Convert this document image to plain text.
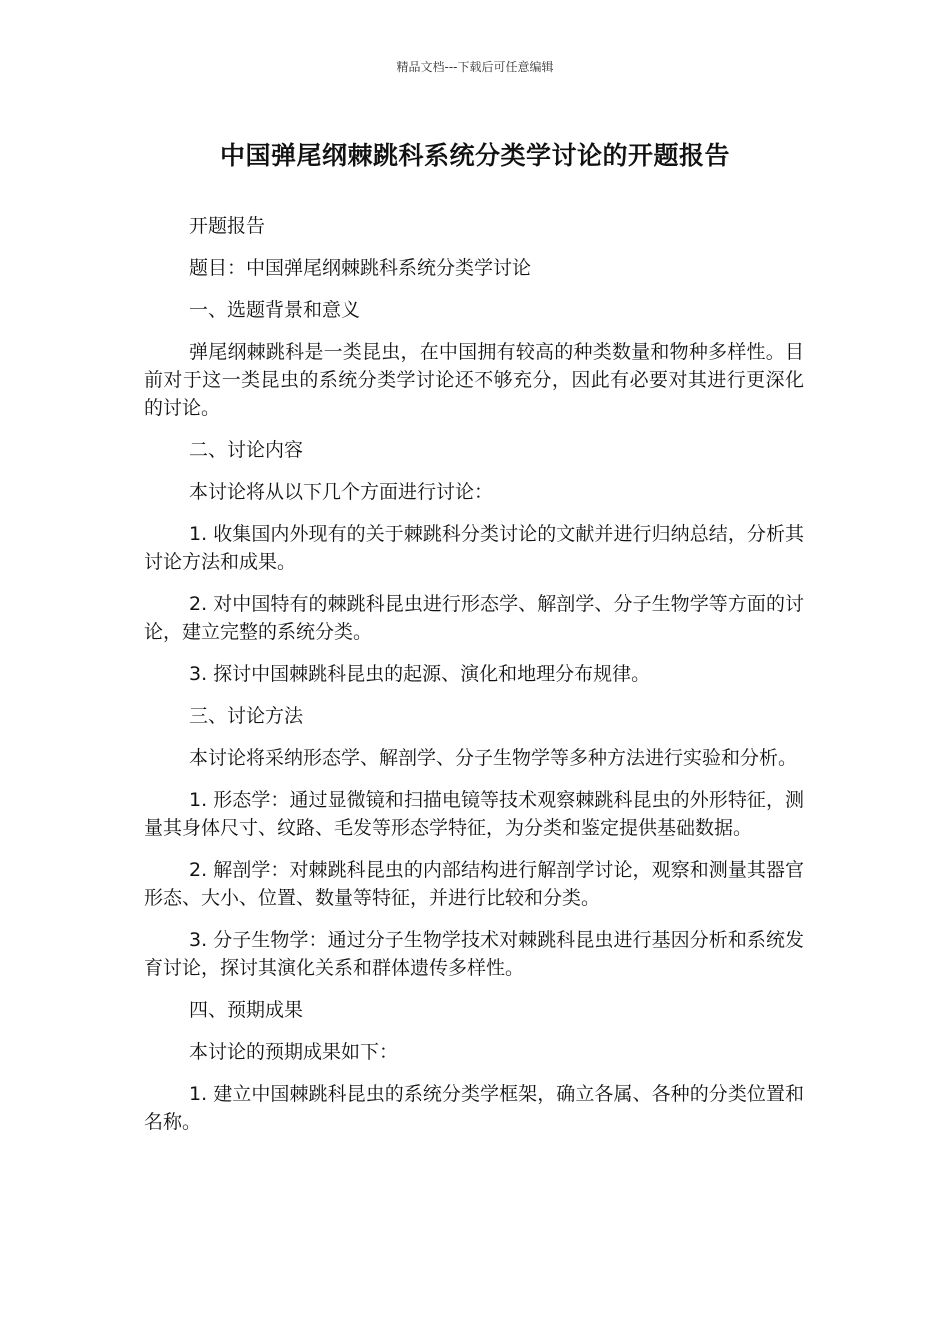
精品文档---下载后可任意编辑
中国弹尾纲棘跳科系统分类学讨论的开题报告

开题报告

题目：中国弹尾纲棘跳科系统分类学讨论

一、选题背景和意义

弹尾纲棘跳科是一类昆虫，在中国拥有较高的种类数量和物种多样性。目前对于这一类昆虫的系统分类学讨论还不够充分，因此有必要对其进行更深化的讨论。

二、讨论内容

本讨论将从以下几个方面进行讨论：

1. 收集国内外现有的关于棘跳科分类讨论的文献并进行归纳总结，分析其讨论方法和成果。

2. 对中国特有的棘跳科昆虫进行形态学、解剖学、分子生物学等方面的讨论，建立完整的系统分类。

3. 探讨中国棘跳科昆虫的起源、演化和地理分布规律。

三、讨论方法

本讨论将采纳形态学、解剖学、分子生物学等多种方法进行实验和分析。

1. 形态学：通过显微镜和扫描电镜等技术观察棘跳科昆虫的外形特征，测量其身体尺寸、纹路、毛发等形态学特征，为分类和鉴定提供基础数据。

2. 解剖学：对棘跳科昆虫的内部结构进行解剖学讨论，观察和测量其器官形态、大小、位置、数量等特征，并进行比较和分类。

3. 分子生物学：通过分子生物学技术对棘跳科昆虫进行基因分析和系统发育讨论，探讨其演化关系和群体遗传多样性。

四、预期成果

本讨论的预期成果如下：

1. 建立中国棘跳科昆虫的系统分类学框架，确立各属、各种的分类位置和名称。
